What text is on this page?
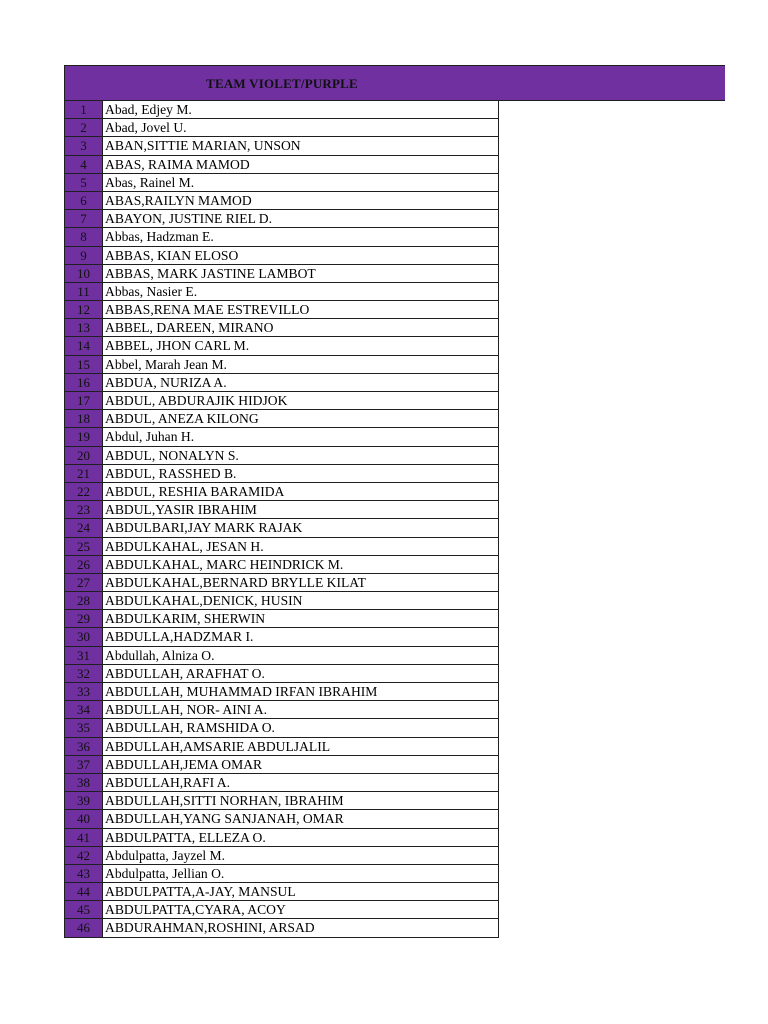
TEAM VIOLET/PURPLE
1	Abad, Edjey M.
2	Abad, Jovel U.
3	ABAN,SITTIE MARIAN, UNSON
4	ABAS, RAIMA MAMOD
5	Abas, Rainel M.
6	ABAS,RAILYN MAMOD
7	ABAYON, JUSTINE RIEL D.
8	Abbas, Hadzman E.
9	ABBAS, KIAN ELOSO
10	ABBAS, MARK JASTINE LAMBOT
11	Abbas, Nasier E.
12	ABBAS,RENA MAE ESTREVILLO
13	ABBEL, DAREEN, MIRANO
14	ABBEL, JHON CARL M.
15	Abbel, Marah Jean M.
16	ABDUA, NURIZA A.
17	ABDUL, ABDURAJIK HIDJOK
18	ABDUL, ANEZA KILONG
19	Abdul, Juhan H.
20	ABDUL, NONALYN S.
21	ABDUL, RASSHED B.
22	ABDUL, RESHIA BARAMIDA
23	ABDUL,YASIR IBRAHIM
24	ABDULBARI,JAY MARK RAJAK
25	ABDULKAHAL, JESAN H.
26	ABDULKAHAL, MARC HEINDRICK M.
27	ABDULKAHAL,BERNARD BRYLLE KILAT
28	ABDULKAHAL,DENICK, HUSIN
29	ABDULKARIM, SHERWIN
30	ABDULLA,HADZMAR I.
31	Abdullah, Alniza O.
32	ABDULLAH, ARAFHAT O.
33	ABDULLAH, MUHAMMAD IRFAN IBRAHIM
34	ABDULLAH, NOR- AINI A.
35	ABDULLAH, RAMSHIDA O.
36	ABDULLAH,AMSARIE ABDULJALIL
37	ABDULLAH,JEMA OMAR
38	ABDULLAH,RAFI A.
39	ABDULLAH,SITTI NORHAN, IBRAHIM
40	ABDULLAH,YANG SANJANAH, OMAR
41	ABDULPATTA, ELLEZA O.
42	Abdulpatta, Jayzel M.
43	Abdulpatta, Jellian O.
44	ABDULPATTA,A-JAY, MANSUL
45	ABDULPATTA,CYARA, ACOY
46	ABDURAHMAN,ROSHINI, ARSAD
